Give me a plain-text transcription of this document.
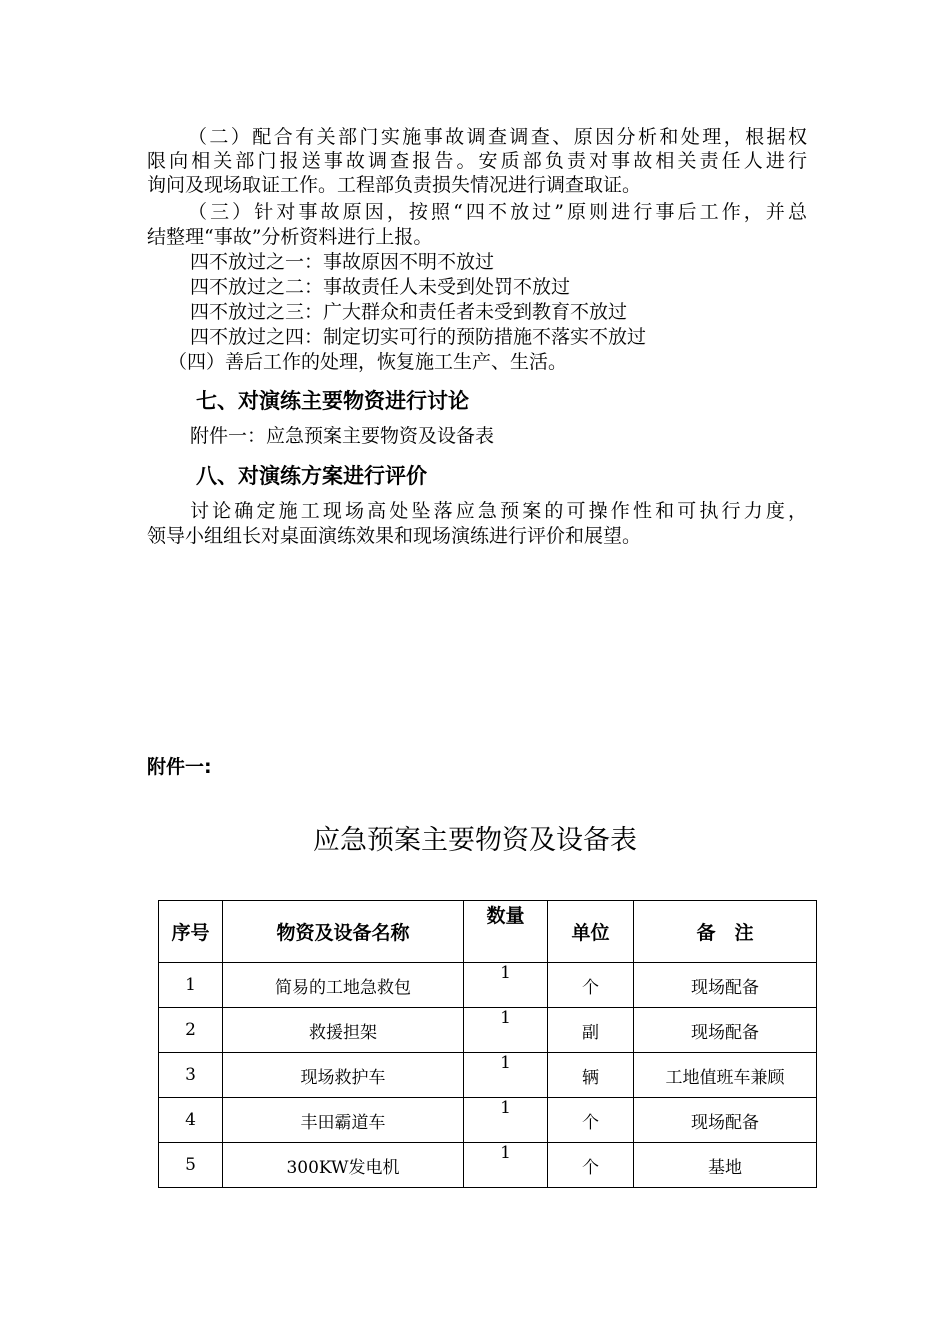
（二）配合有关部门实施事故调查调查、原因分析和处理，根据权

限向相关部门报送事故调查报告。安质部负责对事故相关责任人进行

询问及现场取证工作。工程部负责损失情况进行调查取证。

（三）针对事故原因，按照“四不放过”原则进行事后工作，并总

结整理“事故”分析资料进行上报。

四不放过之一：事故原因不明不放过

四不放过之二：事故责任人未受到处罚不放过

四不放过之三：广大群众和责任者未受到教育不放过

四不放过之四：制定切实可行的预防措施不落实不放过

（四）善后工作的处理，恢复施工生产、生活。

七、对演练主要物资进行讨论

附件一：应急预案主要物资及设备表

八、对演练方案进行评价

讨论确定施工现场高处坠落应急预案的可操作性和可执行力度，

领导小组组长对桌面演练效果和现场演练进行评价和展望。

附件一:

应急预案主要物资及设备表
序号	物资及设备名称	数量	单位	备　注
1	简易的工地急救包	1	个	现场配备
2	救援担架	1	副	现场配备
3	现场救护车	1	辆	工地值班车兼顾
4	丰田霸道车	1	个	现场配备
5	300KW发电机	1	个	基地
